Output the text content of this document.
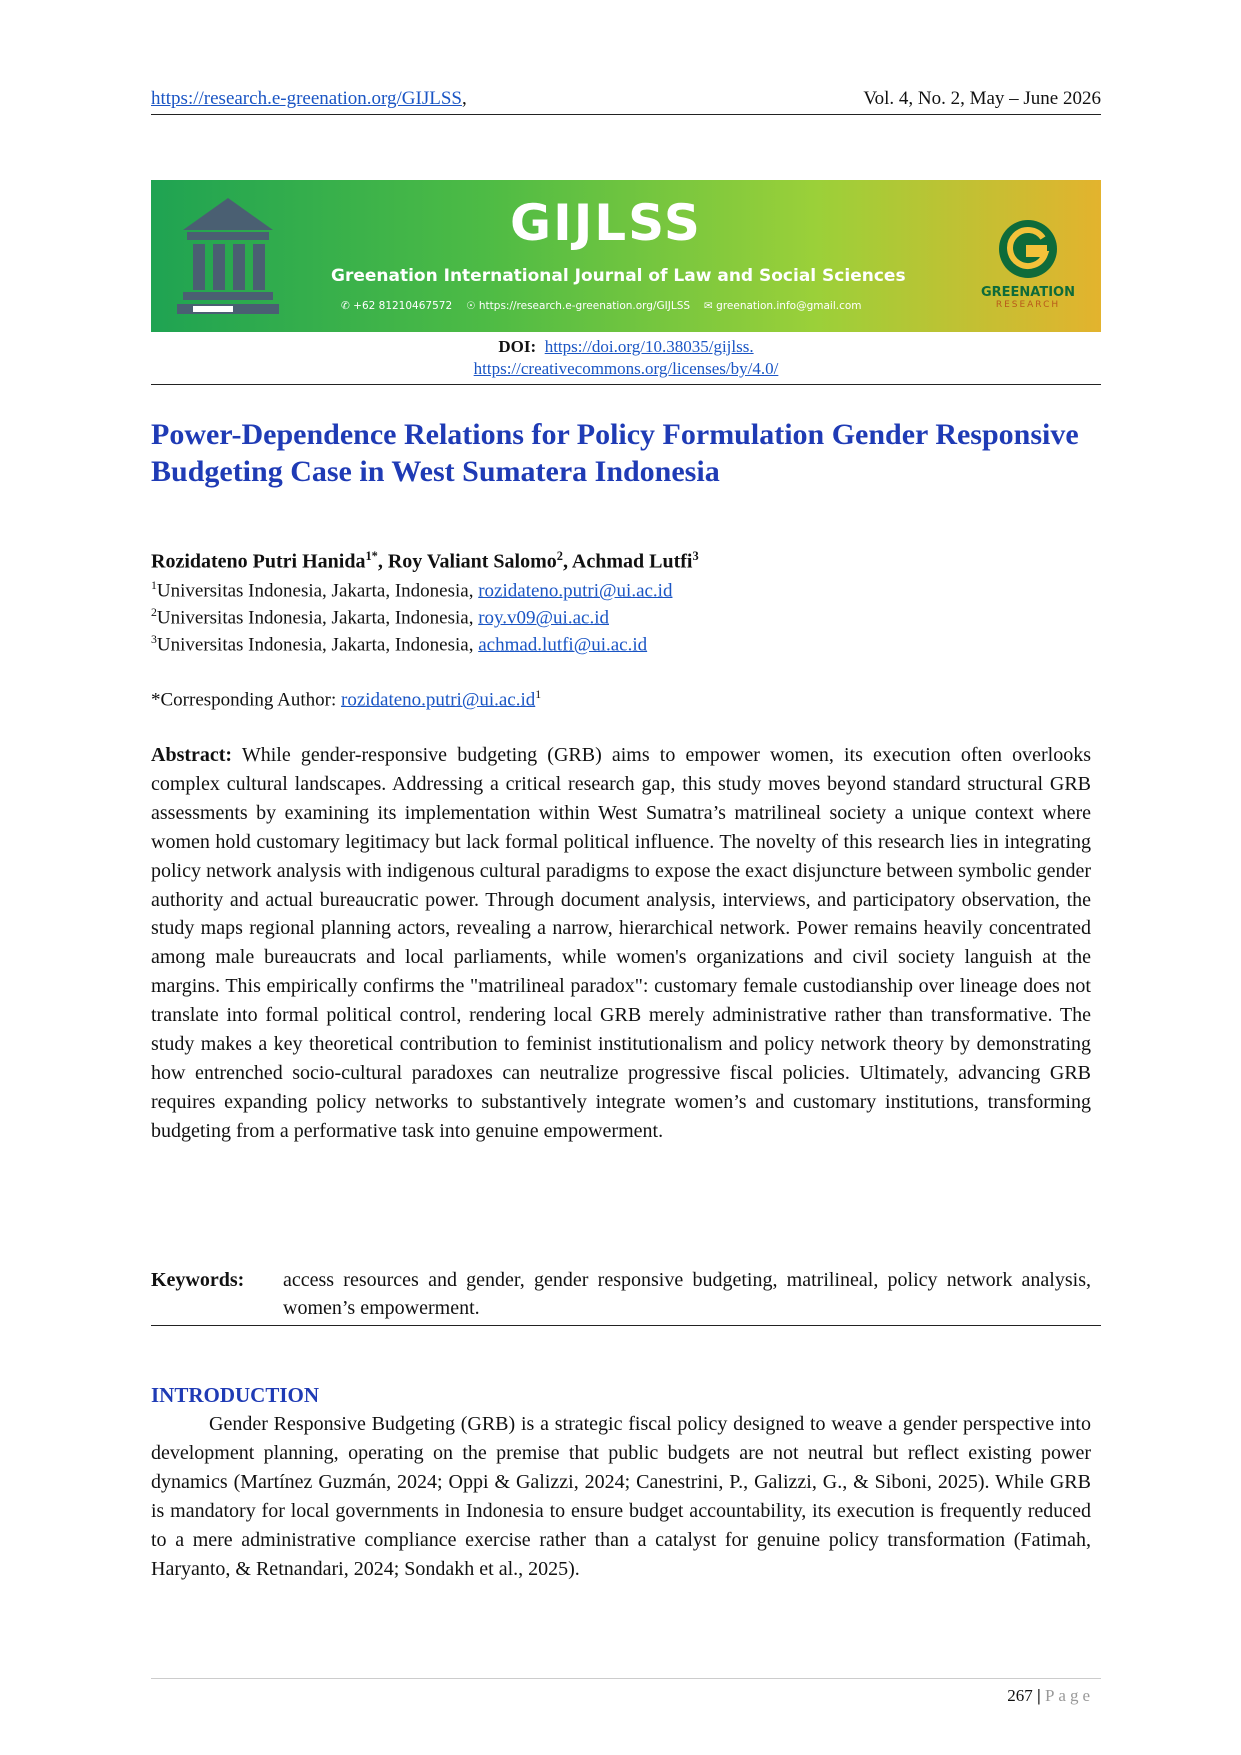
https://research.e-greenation.org/GIJLSS,	Vol. 4, No. 2, May – June 2026
GIJLSS
Greenation International Journal of Law and Social Sciences
✆ +62 81210467572 ☉ https://research.e-greenation.org/GIJLSS ✉ greenation.info@gmail.com
GREENATION
RESEARCH
DOI: https://doi.org/10.38035/gijlss.
https://creativecommons.org/licenses/by/4.0/
Power-Dependence Relations for Policy Formulation Gender Responsive Budgeting Case in West Sumatera Indonesia
Rozidateno Putri Hanida$^{1*}$, Roy Valiant Salomo$^2$, Achmad Lutfi$^3$
$^1$Universitas Indonesia, Jakarta, Indonesia, rozidateno.putri@ui.ac.id
$^2$Universitas Indonesia, Jakarta, Indonesia, roy.v09@ui.ac.id
$^3$Universitas Indonesia, Jakarta, Indonesia, achmad.lutfi@ui.ac.id
*Corresponding Author: $rozidateno.putri@ui.ac.id^1$
Abstract: While gender-responsive budgeting (GRB) aims to empower women, its execution often overlooks complex cultural landscapes. Addressing a critical research gap, this study moves beyond standard structural GRB assessments by examining its implementation within West Sumatra’s matrilineal society a unique context where women hold customary legitimacy but lack formal political influence. The novelty of this research lies in integrating policy network analysis with indigenous cultural paradigms to expose the exact disjuncture between symbolic gender authority and actual bureaucratic power. Through document analysis, interviews, and participatory observation, the study maps regional planning actors, revealing a narrow, hierarchical network. Power remains heavily concentrated among male bureaucrats and local parliaments, while women's organizations and civil society languish at the margins. This empirically confirms the "matrilineal paradox": customary female custodianship over lineage does not translate into formal political control, rendering local GRB merely administrative rather than transformative. The study makes a key theoretical contribution to feminist institutionalism and policy network theory by demonstrating how entrenched socio-cultural paradoxes can neutralize progressive fiscal policies. Ultimately, advancing GRB requires expanding policy networks to substantively integrate women’s and customary institutions, transforming budgeting from a performative task into genuine empowerment.
Keywords:	access resources and gender, gender responsive budgeting, matrilineal, policy network analysis, women’s empowerment.
INTRODUCTION
Gender Responsive Budgeting (GRB) is a strategic fiscal policy designed to weave a gender perspective into development planning, operating on the premise that public budgets are not neutral but reflect existing power dynamics (Martínez Guzmán, 2024; Oppi & Galizzi, 2024; Canestrini, P., Galizzi, G., & Siboni, 2025). While GRB is mandatory for local governments in Indonesia to ensure budget accountability, its execution is frequently reduced to a mere administrative compliance exercise rather than a catalyst for genuine policy transformation (Fatimah, Haryanto, & Retnandari, 2024; Sondakh et al., 2025).
267 | Page
